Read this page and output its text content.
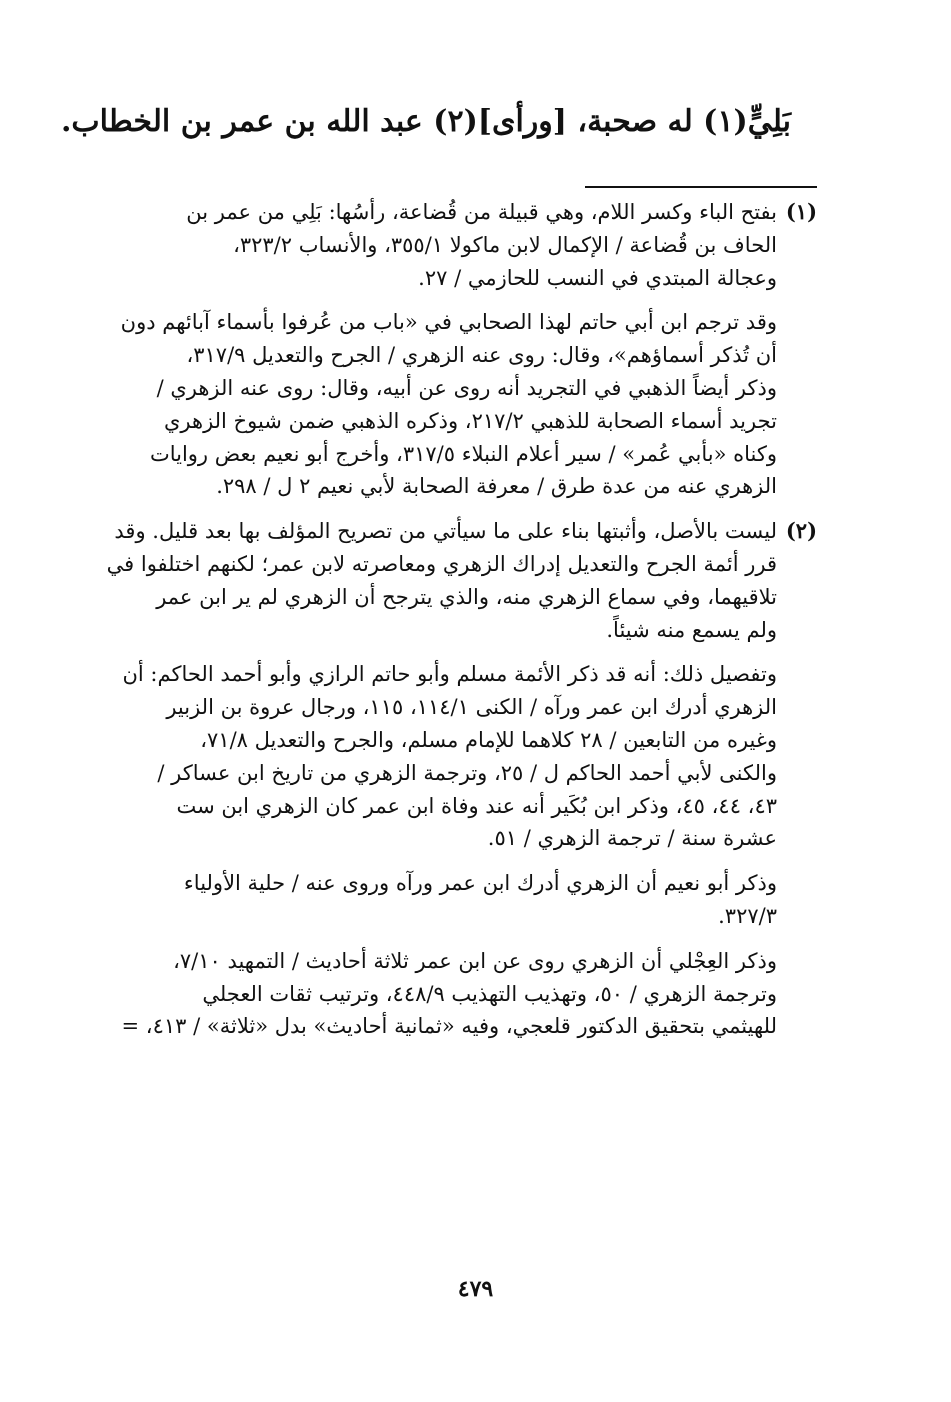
بَلِيٍّ(١) له صحبة، [ورأى](٢) عبد الله بن عمر بن الخطاب.
(١)
بفتح الباء وكسر اللام، وهي قبيلة من قُضاعة، رأسُها: بَلِي من عمر بن
الحاف بن قُضاعة / الإكمال لابن ماكولا ٣٥٥/١، والأنساب ٣٢٣/٢،
وعجالة المبتدي في النسب للحازمي / ٢٧.
وقد ترجم ابن أبي حاتم لهذا الصحابي في «باب من عُرفوا بأسماء آبائهم دون
أن تُذكر أسماؤهم»، وقال: روى عنه الزهري / الجرح والتعديل ٣١٧/٩،
وذكر أيضاً الذهبي في التجريد أنه روى عن أبيه، وقال: روى عنه الزهري /
تجريد أسماء الصحابة للذهبي ٢١٧/٢، وذكره الذهبي ضمن شيوخ الزهري
وكناه «بأبي عُمر» / سير أعلام النبلاء ٣١٧/٥، وأخرج أبو نعيم بعض روايات
الزهري عنه من عدة طرق / معرفة الصحابة لأبي نعيم ٢ ل / ٢٩٨.
(٢)
ليست بالأصل، وأثبتها بناء على ما سيأتي من تصريح المؤلف بها بعد قليل. وقد
قرر أئمة الجرح والتعديل إدراك الزهري ومعاصرته لابن عمر؛ لكنهم اختلفوا في
تلاقيهما، وفي سماع الزهري منه، والذي يترجح أن الزهري لم ير ابن عمر
ولم يسمع منه شيئاً.
وتفصيل ذلك: أنه قد ذكر الأئمة مسلم وأبو حاتم الرازي وأبو أحمد الحاكم: أن
الزهري أدرك ابن عمر ورآه / الكنى ١١٤/١، ١١٥، ورجال عروة بن الزبير
وغيره من التابعين / ٢٨ كلاهما للإمام مسلم، والجرح والتعديل ٧١/٨،
والكنى لأبي أحمد الحاكم ل / ٢٥، وترجمة الزهري من تاريخ ابن عساكر /
٤٣، ٤٤، ٤٥، وذكر ابن بُكَير أنه عند وفاة ابن عمر كان الزهري ابن ست
عشرة سنة / ترجمة الزهري / ٥١.
وذكر أبو نعيم أن الزهري أدرك ابن عمر ورآه وروى عنه / حلية الأولياء
٣٢٧/٣.
وذكر العِجْلي أن الزهري روى عن ابن عمر ثلاثة أحاديث / التمهيد ٧/١٠،
وترجمة الزهري / ٥٠، وتهذيب التهذيب ٤٤٨/٩، وترتيب ثقات العجلي
للهيثمي بتحقيق الدكتور قلعجي، وفيه «ثمانية أحاديث» بدل «ثلاثة» / ٤١٣، =
٤٧٩
